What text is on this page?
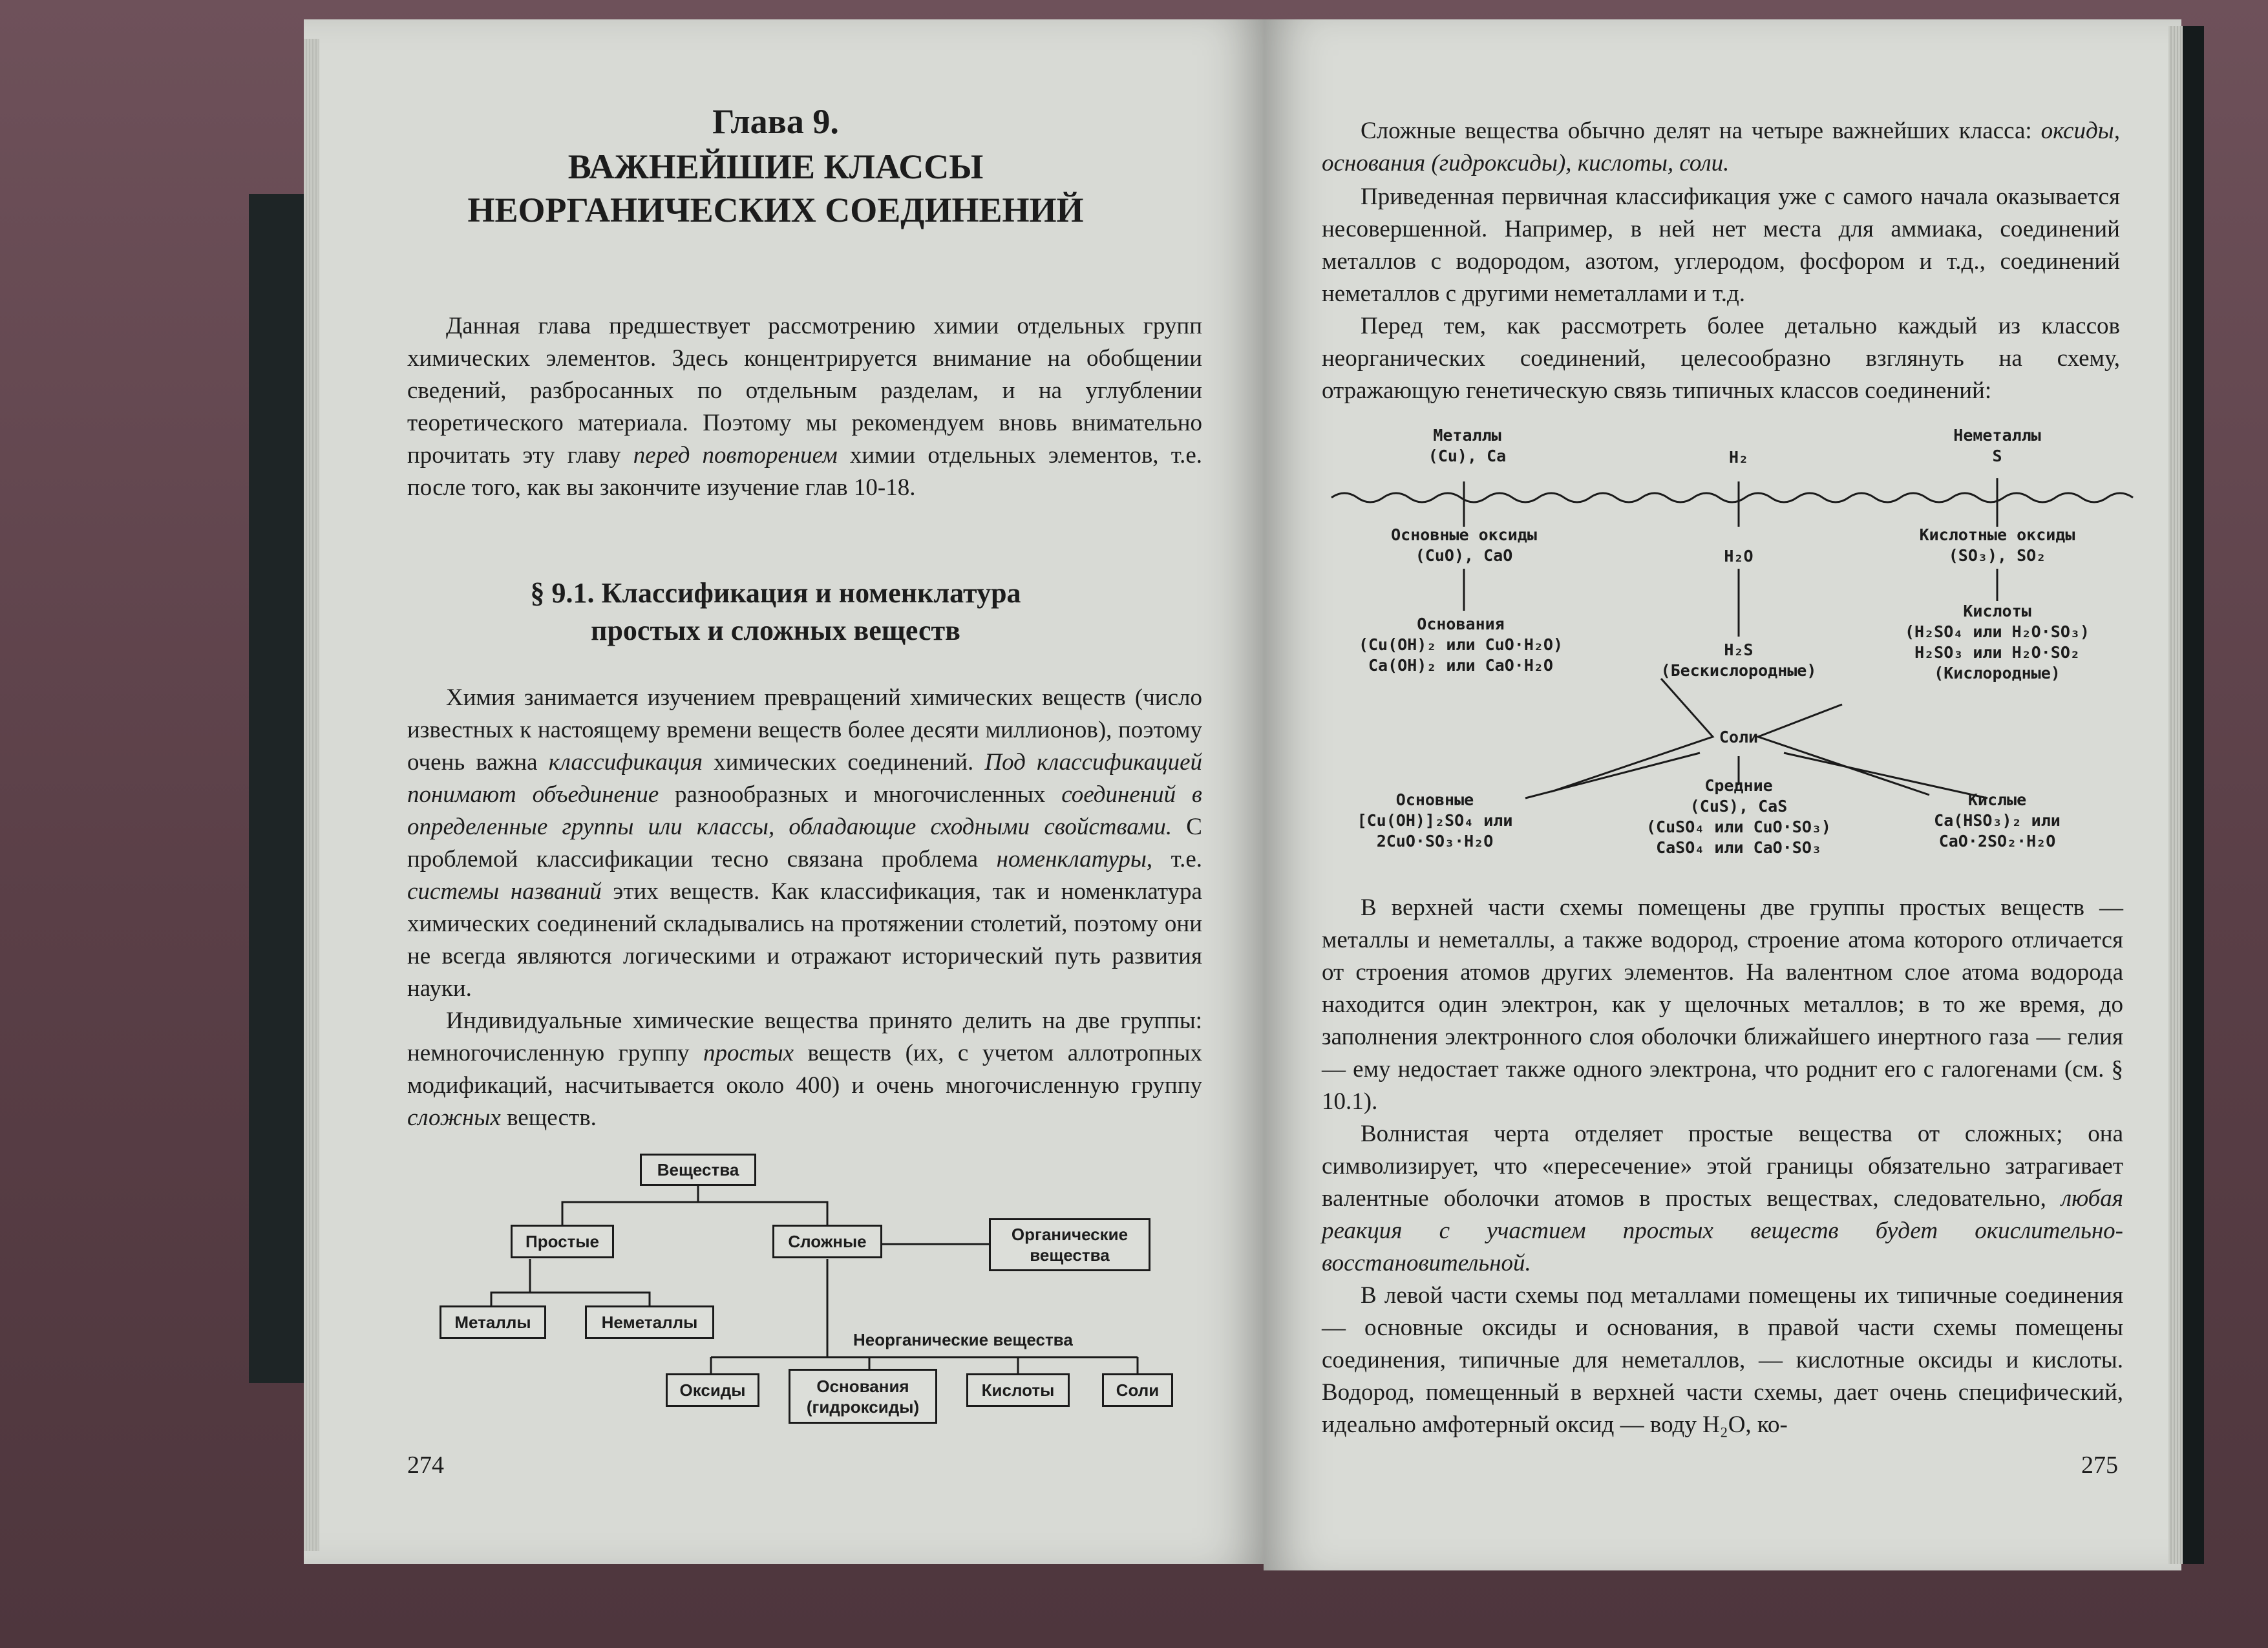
Глава 9.
ВАЖНЕЙШИЕ КЛАССЫ
НЕОРГАНИЧЕСКИХ СОЕДИНЕНИЙ
Данная глава предшествует рассмотрению химии отдельных групп химических элементов. Здесь концентрируется внимание на обобщении сведений, разбросанных по отдельным разделам, и на углублении теоретического материала. Поэтому мы рекомендуем вновь внимательно прочитать эту главу перед повторением химии отдельных элементов, т.е. после того, как вы закончите изучение глав 10-18.
§ 9.1. Классификация и номенклатура
простых и сложных веществ
Химия занимается изучением превращений химических веществ (число известных к настоящему времени веществ более десяти миллионов), поэтому очень важна классификация химических соединений. Под классификацией понимают объединение разнообразных и многочисленных соединений в определенные группы или классы, обладающие сходными свойствами. С проблемой классификации тесно связана проблема номенклатуры, т.е. системы названий этих веществ. Как классификация, так и номенклатура химических соединений складывались на протяжении столетий, поэтому они не всегда являются логическими и отражают исторический путь развития науки.
Индивидуальные химические вещества принято делить на две группы: немногочисленную группу простых веществ (их, с учетом аллотропных модификаций, насчитывается около 400) и очень многочисленную группу сложных веществ.
Вещества
Простые	Сложные	Органические вещества
Металлы	Неметаллы
Неорганические вещества
Оксиды	Основания (гидроксиды)
Кислоты	Соли
274
Сложные вещества обычно делят на четыре важнейших класса: оксиды, основания (гидроксиды), кислоты, соли.
Приведенная первичная классификация уже с самого начала оказывается несовершенной. Например, в ней нет места для аммиака, соединений металлов с водородом, азотом, углеродом, фосфором и т.д., соединений неметаллов с другими неметаллами и т.д.
Перед тем, как рассмотреть более детально каждый из классов неорганических соединений, целесообразно взглянуть на схему, отражающую генетическую связь типичных классов соединений:
Металлы
(Cu), Ca	H₂
Неметаллы
S
Основные оксиды
(CuO), CaO	H₂O
Кислотные оксиды
(SO₃), SO₂
Основания
(Cu(OH)₂ или CuO·H₂O)
Ca(OH)₂ или CaO·H₂O
H₂S
(Бескислородные)
Кислоты
(H₂SO₄ или H₂O·SO₃)
H₂SO₃ или H₂O·SO₂
(Кислородные)
Соли
Основные
[Cu(OH)]₂SO₄ или
2CuO·SO₃·H₂O
Средние
(CuS), CaS
(CuSO₄ или CuO·SO₃)
CaSO₄ или CaO·SO₃
Кислые
Ca(HSO₃)₂ или
CaO·2SO₂·H₂O
В верхней части схемы помещены две группы простых веществ — металлы и неметаллы, а также водород, строение атома которого отличается от строения атомов других элементов. На валентном слое атома водорода находится один электрон, как у щелочных металлов; в то же время, до заполнения электронного слоя оболочки ближайшего инертного газа — гелия — ему недостает также одного электрона, что роднит его с галогенами (см. § 10.1).
Волнистая черта отделяет простые вещества от сложных; она символизирует, что «пересечение» этой границы обязательно затрагивает валентные оболочки атомов в простых веществах, следовательно, любая реакция с участием простых веществ будет окислительно-восстановительной.
В левой части схемы под металлами помещены их типичные соединения — основные оксиды и основания, в правой части схемы помещены соединения, типичные для неметаллов, — кислотные оксиды и кислоты. Водород, помещенный в верхней части схемы, дает очень специфический, идеально амфотерный оксид — воду H₂O, ко-
275
